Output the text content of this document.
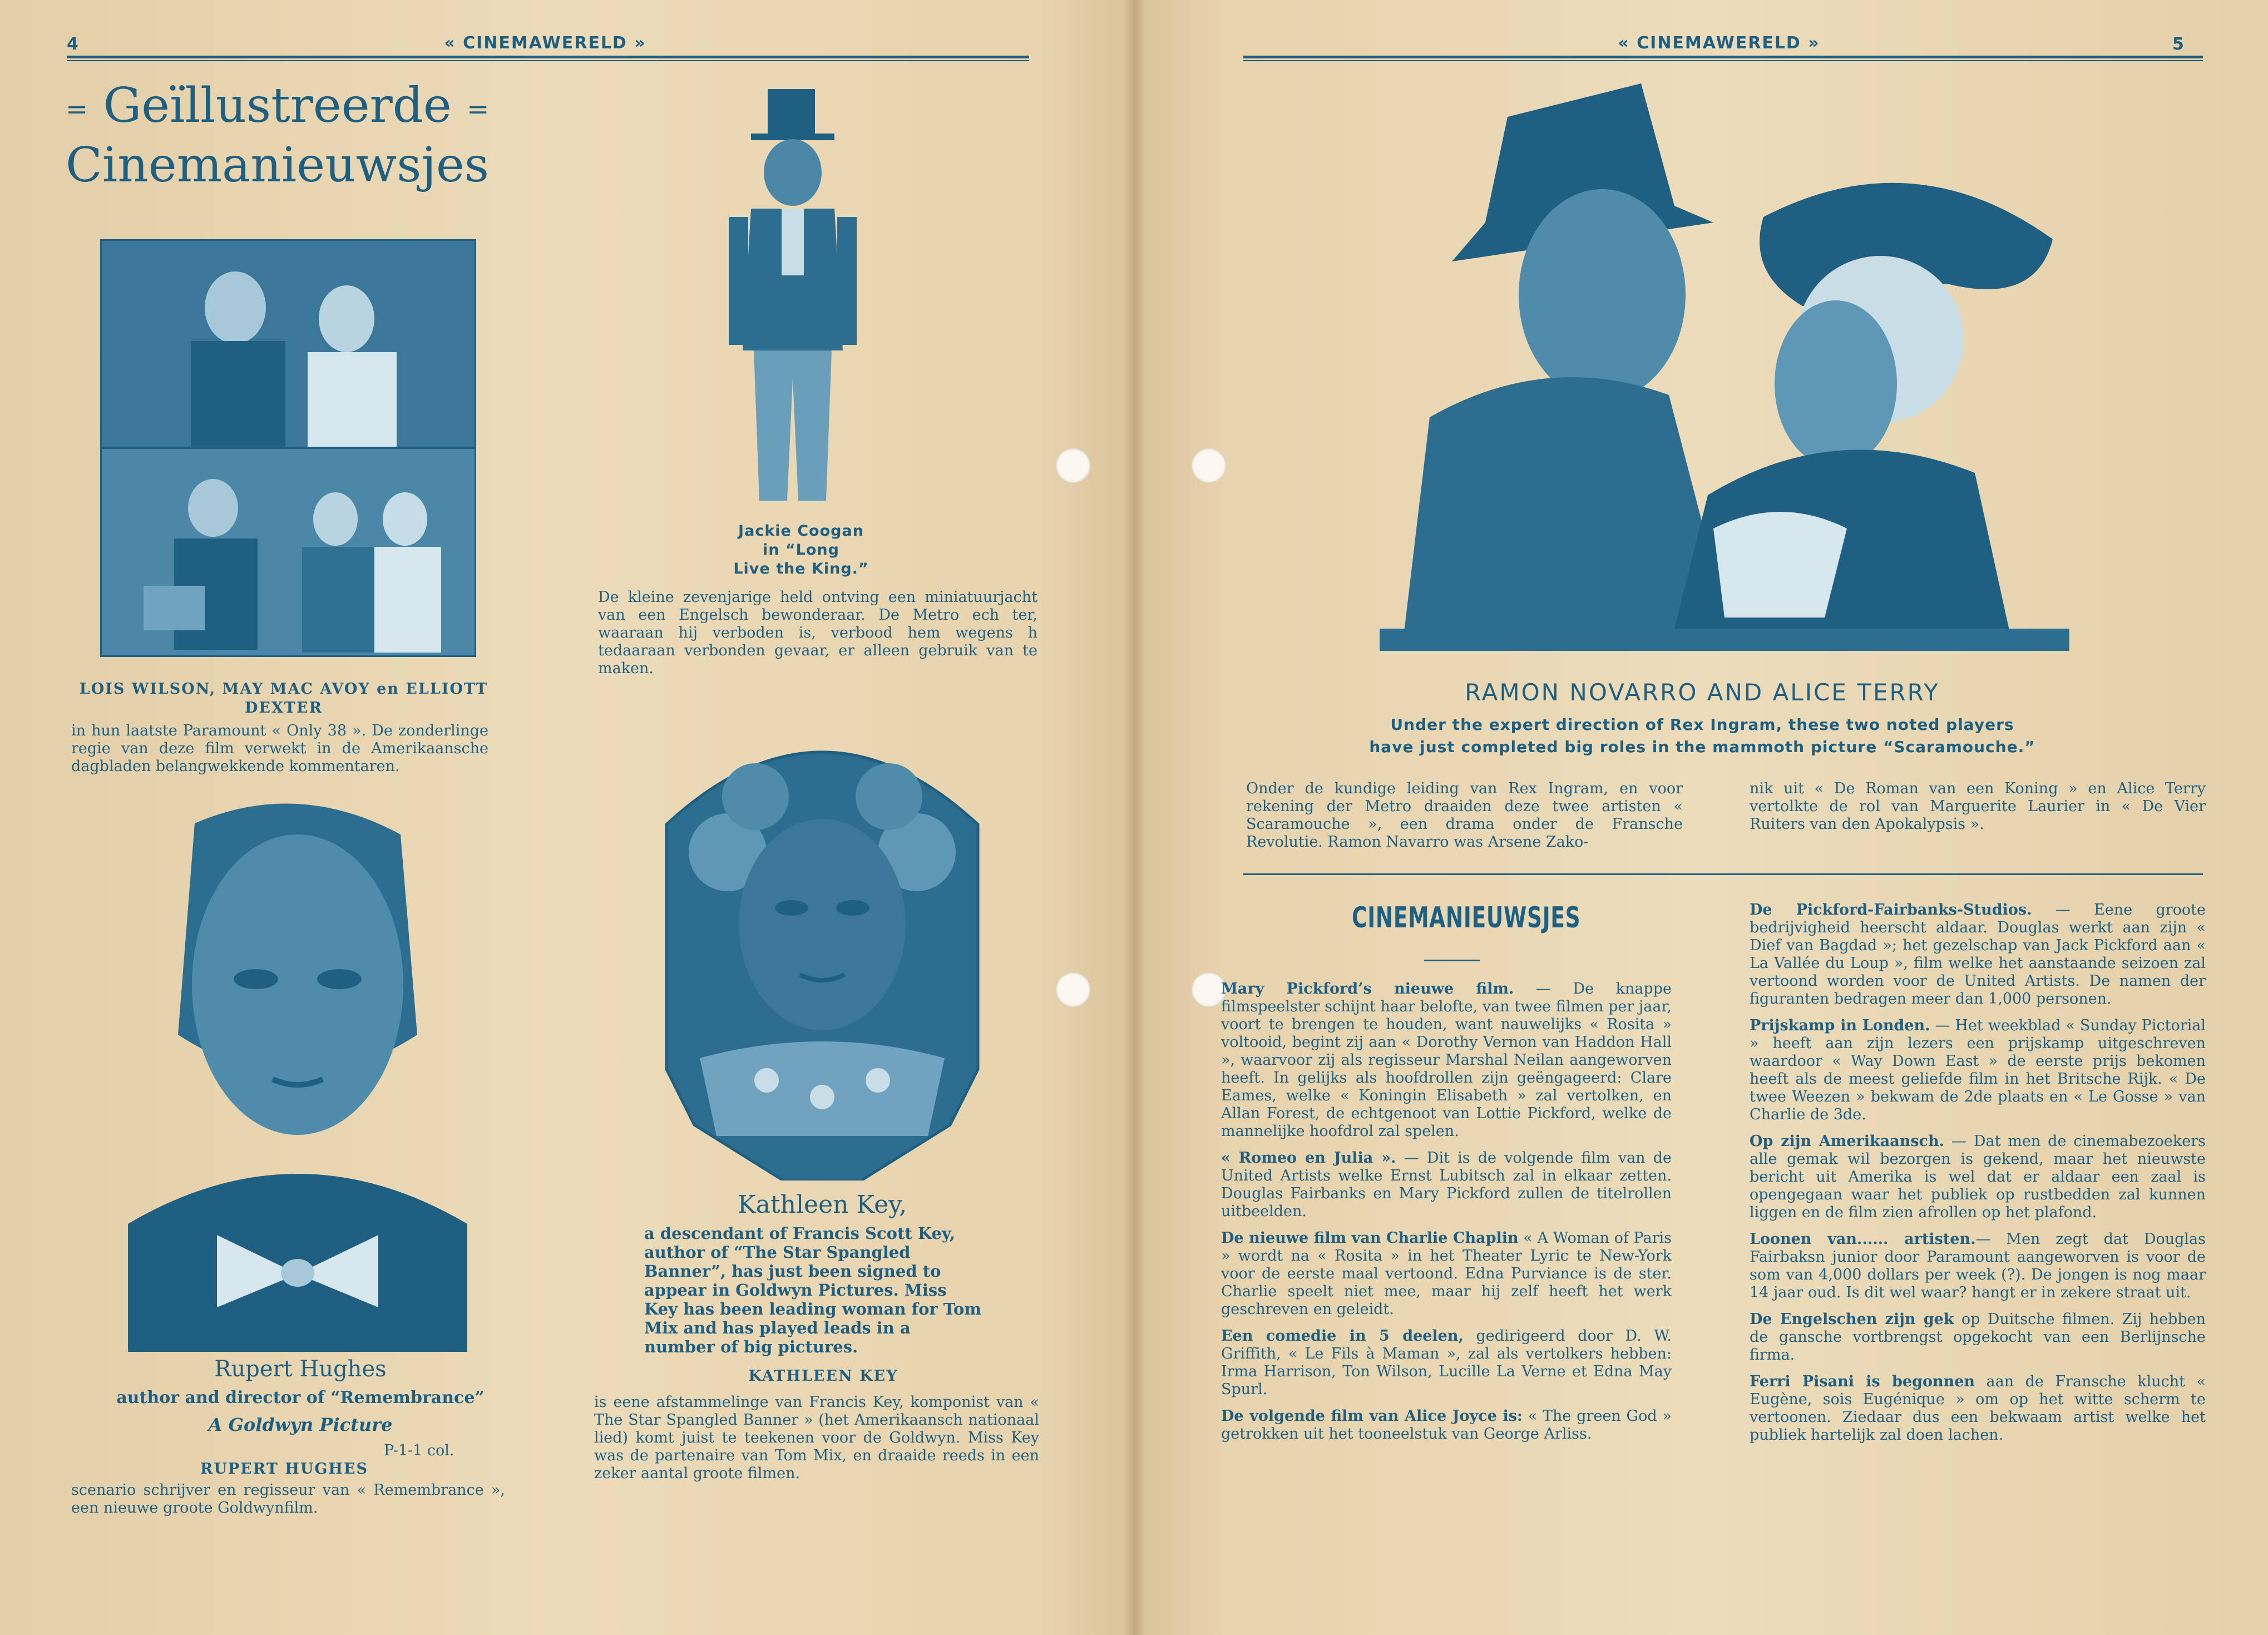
4	« CINEMAWERELD »
= Geïllustreerde =
Cinemanieuwsjes
LOIS WILSON, MAY MAC AVOY en ELLIOTT DEXTER
in hun laatste Paramount « Only 38 ». De zonderlinge regie van deze film verwekt in de Amerikaansche dagbladen belangwekkende kommentaren.
Jackie Coogan
in “Long
Live the King.”
De kleine zevenjarige held ontving een miniatuurjacht van een Engelsch bewonderaar. De Metro ech ter, waaraan hij verboden is, verbood hem wegens h tedaaraan verbonden gevaar, er alleen gebruik van te maken.
Rupert Hughes
author and director of “Remembrance”
A Goldwyn Picture
P-1-1 col.
RUPERT HUGHES
scenario schrijver en regisseur van « Remembrance », een nieuwe groote Goldwynfilm.
Kathleen Key,
a descendant of Francis Scott Key, author of “The Star Spangled Banner”, has just been signed to appear in Goldwyn Pictures. Miss Key has been leading woman for Tom Mix and has played leads in a number of big pictures.
KATHLEEN KEY
is eene afstammelinge van Francis Key, komponist van « The Star Spangled Banner » (het Amerikaansch nationaal lied) komt juist te teekenen voor de Goldwyn. Miss Key was de partenaire van Tom Mix, en draaide reeds in een zeker aantal groote filmen.
« CINEMAWERELD »	5
RAMON NOVARRO AND ALICE TERRY
Under the expert direction of Rex Ingram, these two noted players
have just completed big roles in the mammoth picture “Scaramouche.”
Onder de kundige leiding van Rex Ingram, en voor rekening der Metro draaiden deze twee artisten « Scaramouche », een drama onder de Fransche Revolutie. Ramon Navarro was Arsene Zako-
nik uit « De Roman van een Koning » en Alice Terry vertolkte de rol van Marguerite Laurier in « De Vier Ruiters van den Apokalypsis ».
CINEMANIEUWSJES

Mary Pickford’s nieuwe film. — De knappe filmspeelster schijnt haar belofte, van twee filmen per jaar, voort te brengen te houden, want nauwelijks « Rosita » voltooid, begint zij aan « Dorothy Vernon van Haddon Hall », waarvoor zij als regisseur Marshal Neilan aangeworven heeft. In gelijks als hoofdrollen zijn geëngageerd: Clare Eames, welke « Koningin Elisabeth » zal vertolken, en Allan Forest, de echtgenoot van Lottie Pickford, welke de mannelijke hoofdrol zal spelen.

« Romeo en Julia ». — Dit is de volgende film van de United Artists welke Ernst Lubitsch zal in elkaar zetten. Douglas Fairbanks en Mary Pickford zullen de titelrollen uitbeelden.

De nieuwe film van Charlie Chaplin « A Woman of Paris » wordt na « Rosita » in het Theater Lyric te New-York voor de eerste maal vertoond. Edna Purviance is de ster. Charlie speelt niet mee, maar hij zelf heeft het werk geschreven en geleidt.

Een comedie in 5 deelen, gedirigeerd door D. W. Griffith, « Le Fils à Maman », zal als vertolkers hebben: Irma Harrison, Ton Wilson, Lucille La Verne et Edna May Spurl.

De volgende film van Alice Joyce is: « The green God » getrokken uit het tooneelstuk van George Arliss.

De Pickford-Fairbanks-Studios. — Eene groote bedrijvigheid heerscht aldaar. Douglas werkt aan zijn « Dief van Bagdad »; het gezelschap van Jack Pickford aan « La Vallée du Loup », film welke het aanstaande seizoen zal vertoond worden voor de United Artists. De namen der figuranten bedragen meer dan 1,000 personen.

Prijskamp in Londen. — Het weekblad « Sunday Pictorial » heeft aan zijn lezers een prijskamp uitgeschreven waardoor « Way Down East » de eerste prijs bekomen heeft als de meest geliefde film in het Britsche Rijk. « De twee Weezen » bekwam de 2de plaats en « Le Gosse » van Charlie de 3de.

Op zijn Amerikaansch. — Dat men de cinemabezoekers alle gemak wil bezorgen is gekend, maar het nieuwste bericht uit Amerika is wel dat er aldaar een zaal is opengegaan waar het publiek op rustbedden zal kunnen liggen en de film zien afrollen op het plafond.

Loonen van...... artisten.— Men zegt dat Douglas Fairbaksn junior door Paramount aangeworven is voor de som van 4,000 dollars per week (?). De jongen is nog maar 14 jaar oud. Is dit wel waar? hangt er in zekere straat uit.

De Engelschen zijn gek op Duitsche filmen. Zij hebben de gansche vortbrengst opgekocht van een Berlijnsche firma.

Ferri Pisani is begonnen aan de Fransche klucht « Eugène, sois Eugénique » om op het witte scherm te vertoonen. Ziedaar dus een bekwaam artist welke het publiek hartelijk zal doen lachen.
